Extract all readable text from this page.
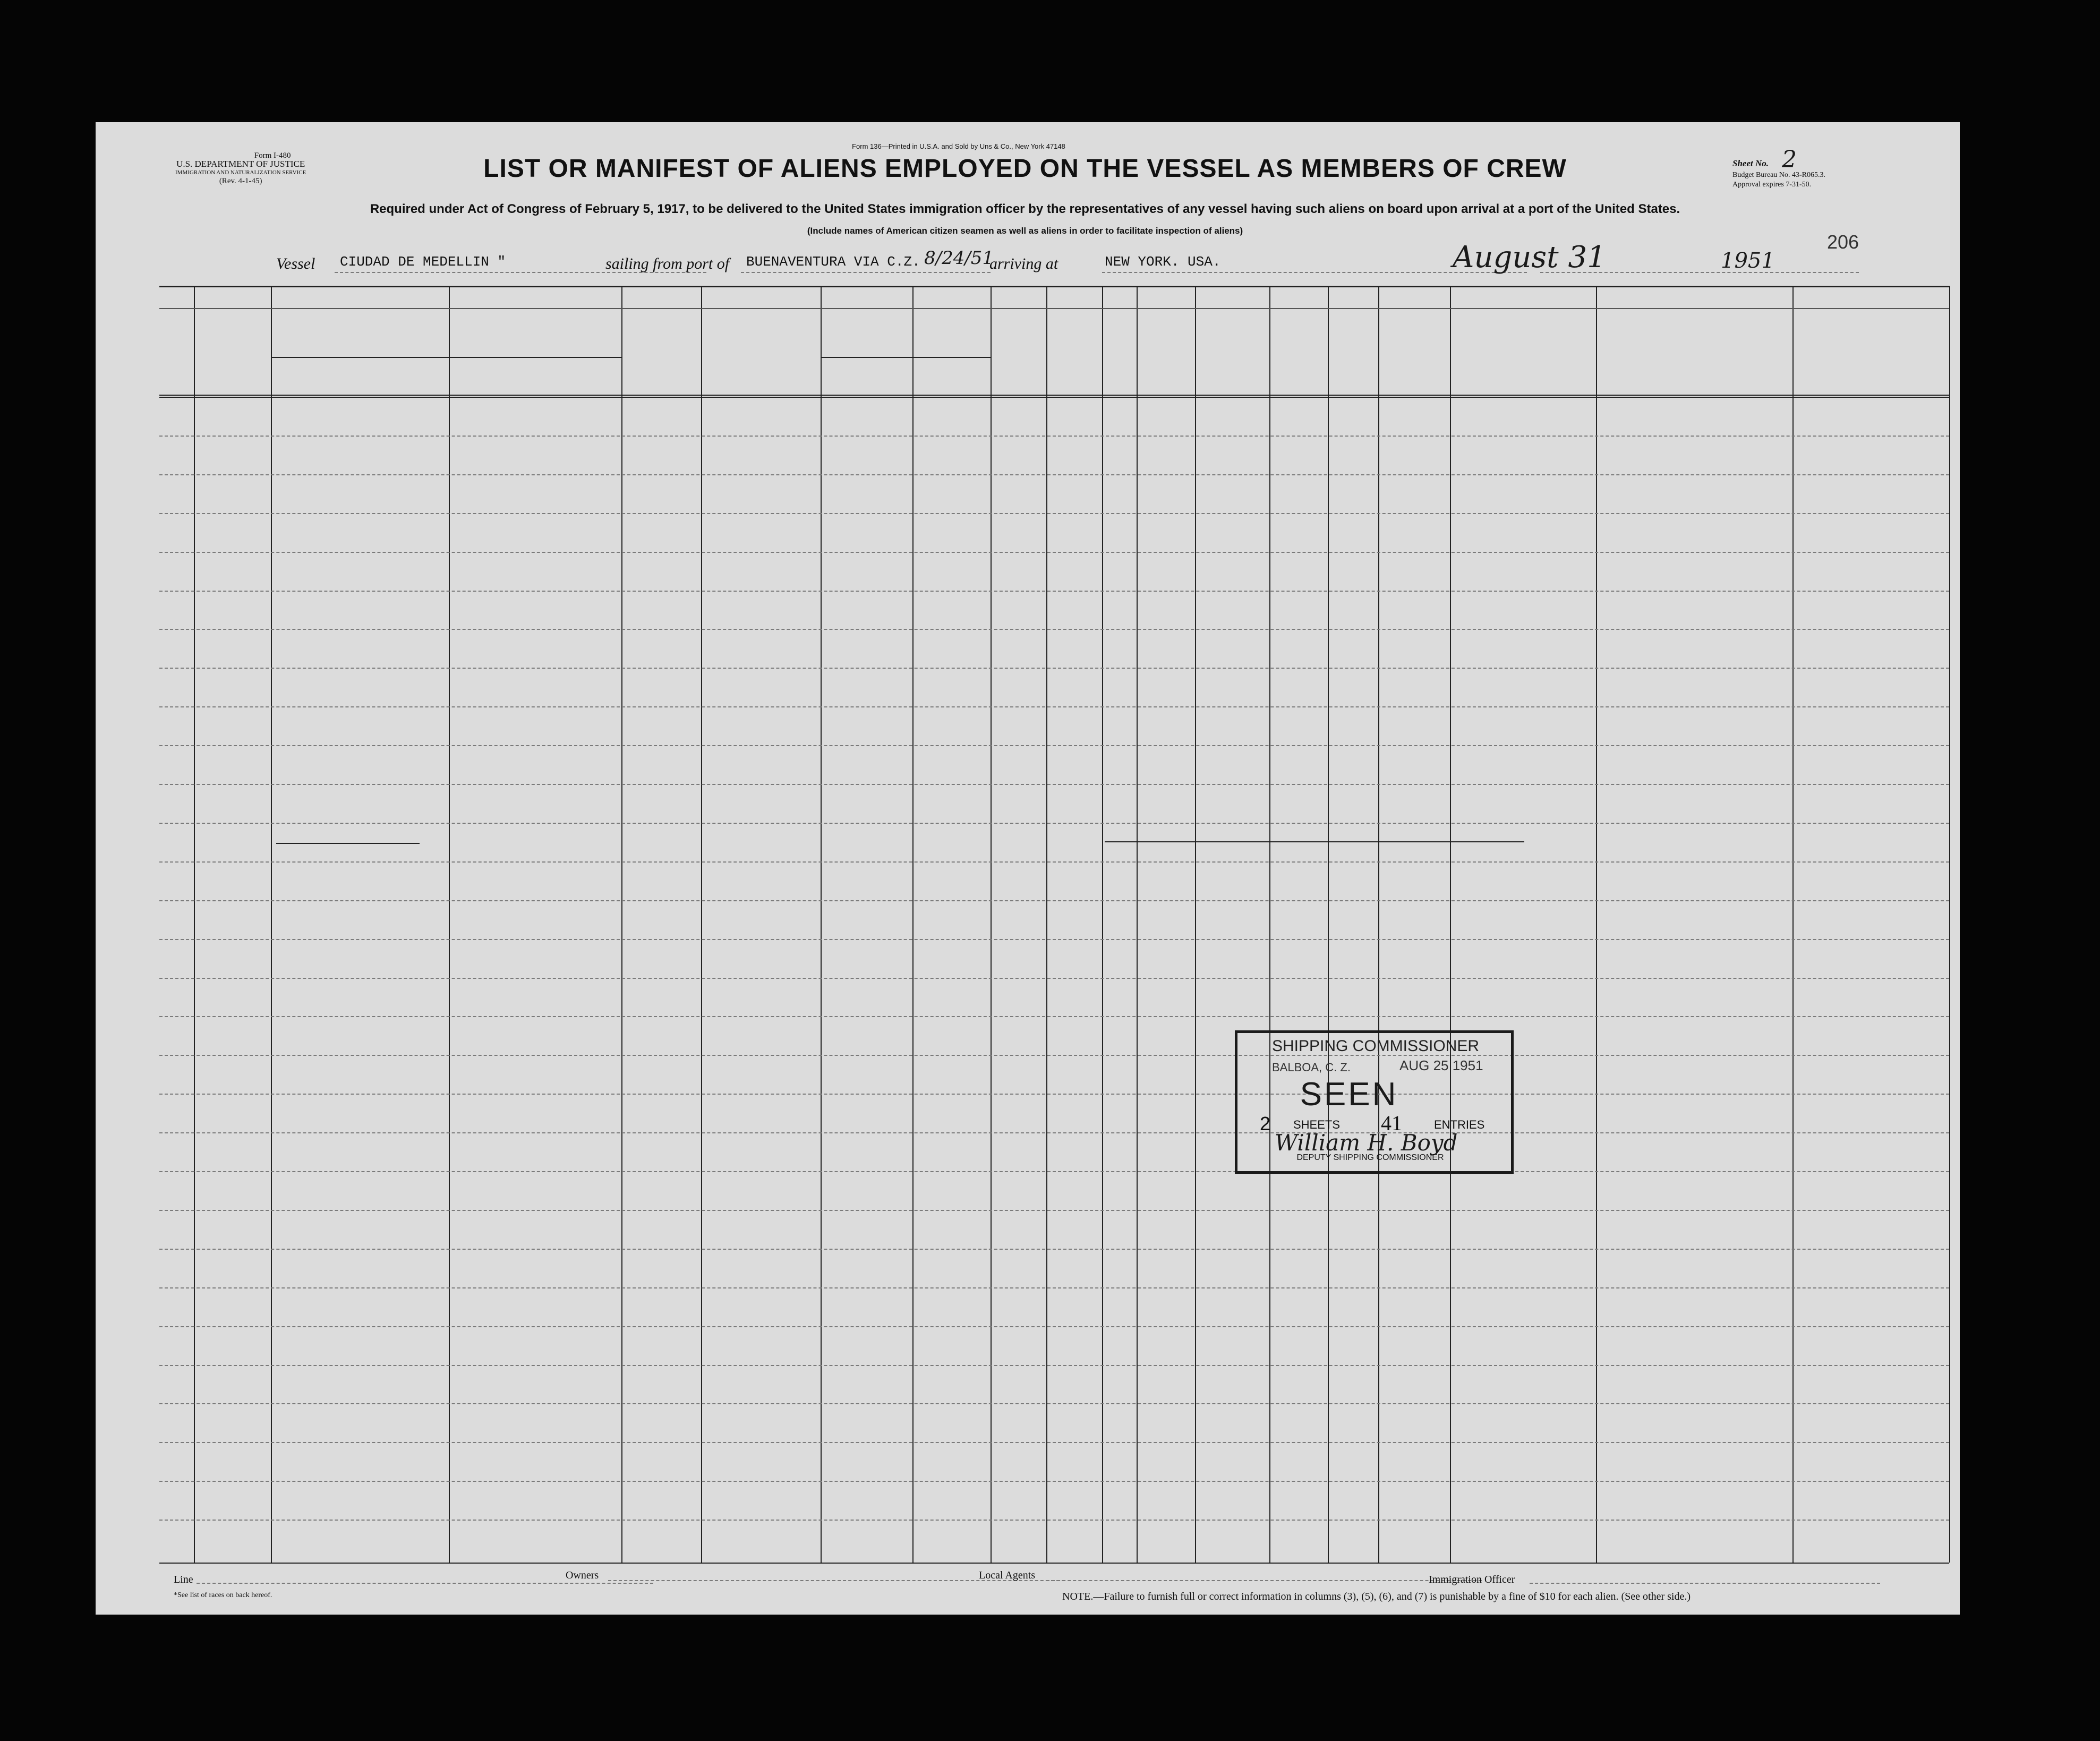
Form I-480
U.S. DEPARTMENT OF JUSTICE
IMMIGRATION AND NATURALIZATION SERVICE
(Rev. 4-1-45)
Form 136—Printed in U.S.A. and Sold by Uns & Co., New York 47148
LIST OR MANIFEST OF ALIENS EMPLOYED ON THE VESSEL AS MEMBERS OF CREW
Required under Act of Congress of February 5, 1917, to be delivered to the United States immigration officer by the representatives of any vessel having such aliens on board upon arrival at a port of the United States.
(Include names of American citizen seamen as well as aliens in order to facilitate inspection of aliens)
Sheet No. 2
Budget Bureau No. 43-R065.3.
Approval expires 7-31-50.
206
Vessel CIUDAD DE MEDELLIN "	sailing from port of BUENAVENTURA VIA C.Z. 8/24/51
arriving at	NEW YORK. USA.	August 31	1951
SHIPPING COMMISSIONER
BALBOA, C. Z.	AUG 25 1951
SEEN
2 SHEETS 41	ENTRIES
William H. Boyd
DEPUTY SHIPPING COMMISSIONER
Line	Owners	Local Agents	Immigration Officer
*See list of races on back hereof.	NOTE.—Failure to furnish full or correct information in columns (3), (5), (6), and (7) is punishable by a fine of $10 for each alien. (See other side.)
